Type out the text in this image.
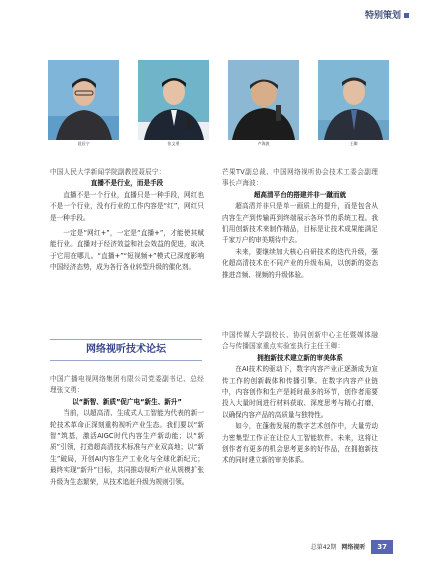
特别策划
聂辰宁	张文勇	卢海波	王卿

中国人民大学新闻学院副教授聂辰宁：

直播不是行业，而是手段

直播不是一个行业，直播只是一种手段，网红也不是一个行业，没有行业的工作内容是“红”，网红只是一种手段。

一定是“网红+”，一定是“直播+”，才能使其赋能行业。直播对于经济效益和社会效益的促进，取决于它用在哪儿。“直播+”“短视频+”模式已深度影响中国经济态势，成为各行各业转型升级的催化剂。

网络视听技术论坛

中国广播电视网络集团有限公司党委副书记、总经理张文勇：

以“新智、新质”促广电“新生、新升”

当前，以超高清、生成式人工智能为代表的新一轮技术革命正深刻重构视听产业生态。我们要以“新智”筑基，激活AIGC时代内容生产新动能；以“新质”引领，打造超高清技术标准与产业双高地；以“新生”破局，开创AI内容生产工业化与全球化新纪元；最终实现“新升”目标，共同推动视听产业从规模扩张升级为生态繁荣，从技术追赶升级为规则引领。

芒果TV副总裁、中国网络视听协会技术工委会副理事长卢海波：

超高清平台的搭建并非一蹴而就

超高清并非只是单一画质上的提升，而是包含从内容生产到传输再到终端展示各环节的系统工程。我们用创新技术来制作精品，目标是让技术成果能满足千家万户的审美期待中去。

未来，要继续加大核心自研技术的迭代升级，强化超高清技术在不同产业的升级布局，以创新的姿态推进音频、视频的升级体验。

中国传媒大学副校长、协同创新中心主任暨媒体融合与传播国家重点实验室执行主任王卿：

拥抱新技术建立新的审美体系

在AI技术的驱动下，数字内容产业正逐渐成为宣传工作的创新载体和传播引擎。在数字内容产业链中，内容创作和生产是耗时最多的环节，创作者需要投入大量时间进行材料获取、深度思考与精心打磨，以确保内容产品的高质量与独特性。

如今，在蓬勃发展的数字艺术创作中，大量劳动力密集型工作正在让位人工智能软件。未来，这将让创作者有更多的机会思考更多的好作品，在拥抱新技术的同时建立新的审美体系。

总第42期 网络视听 37
